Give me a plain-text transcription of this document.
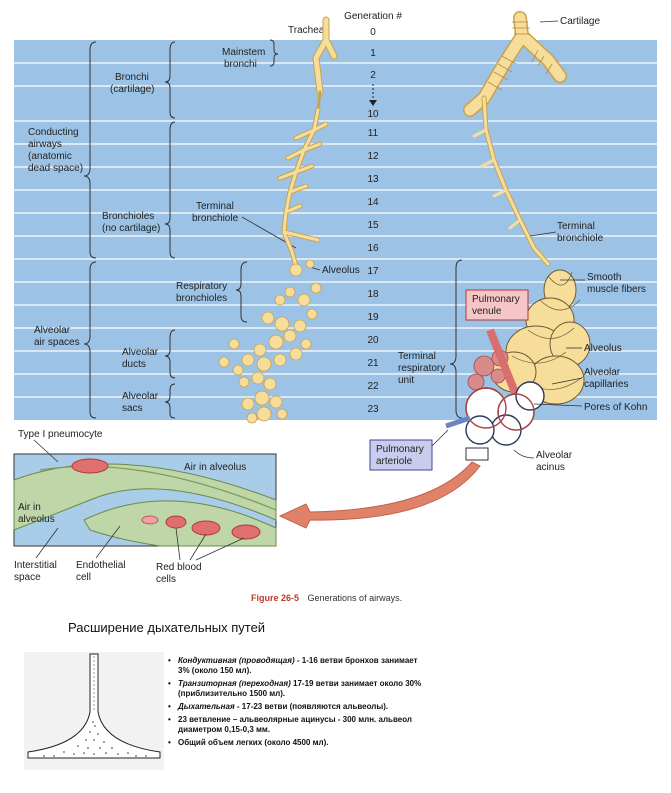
Trachea
Generation #
0
1
2
10
11
12
13
14
15
16
17
18
19
20
21
22
23
Conducting airways (anatomic dead space)
Alveolar air spaces
Bronchi (cartilage)
Bronchioles (no cartilage)
Alveolar ducts
Alveolar sacs
Mainstem bronchi
Terminal bronchiole
Alveolus
Respiratory bronchioles
Cartilage
Terminal bronchiole
Pulmonary venule
Smooth muscle fibers
Alveolus
Alveolar capillaries
Pores of Kohn
Terminal respiratory unit
Pulmonary arteriole
Alveolar acinus
Air in alveolus
Air in alveolus
Type I pneumocyte
Interstitial space
Endothelial cell
Red blood cells
Figure 26-5 Generations of airways.
Расширение дыхательных путей
• Кондуктивная (проводящая) - 1-16 ветви бронхов занимает 3% (около 150 мл).
• Транзиторная (переходная) 17-19 ветви занимает около 30% (приблизительно 1500 мл).
• Дыхательная - 17-23 ветви (появляются альвеолы).
• 23 ветвление – альвеолярные ацинусы - 300 млн. альвеол диаметром 0,15-0,3 мм.
• Общий объем легких (около 4500 мл).
